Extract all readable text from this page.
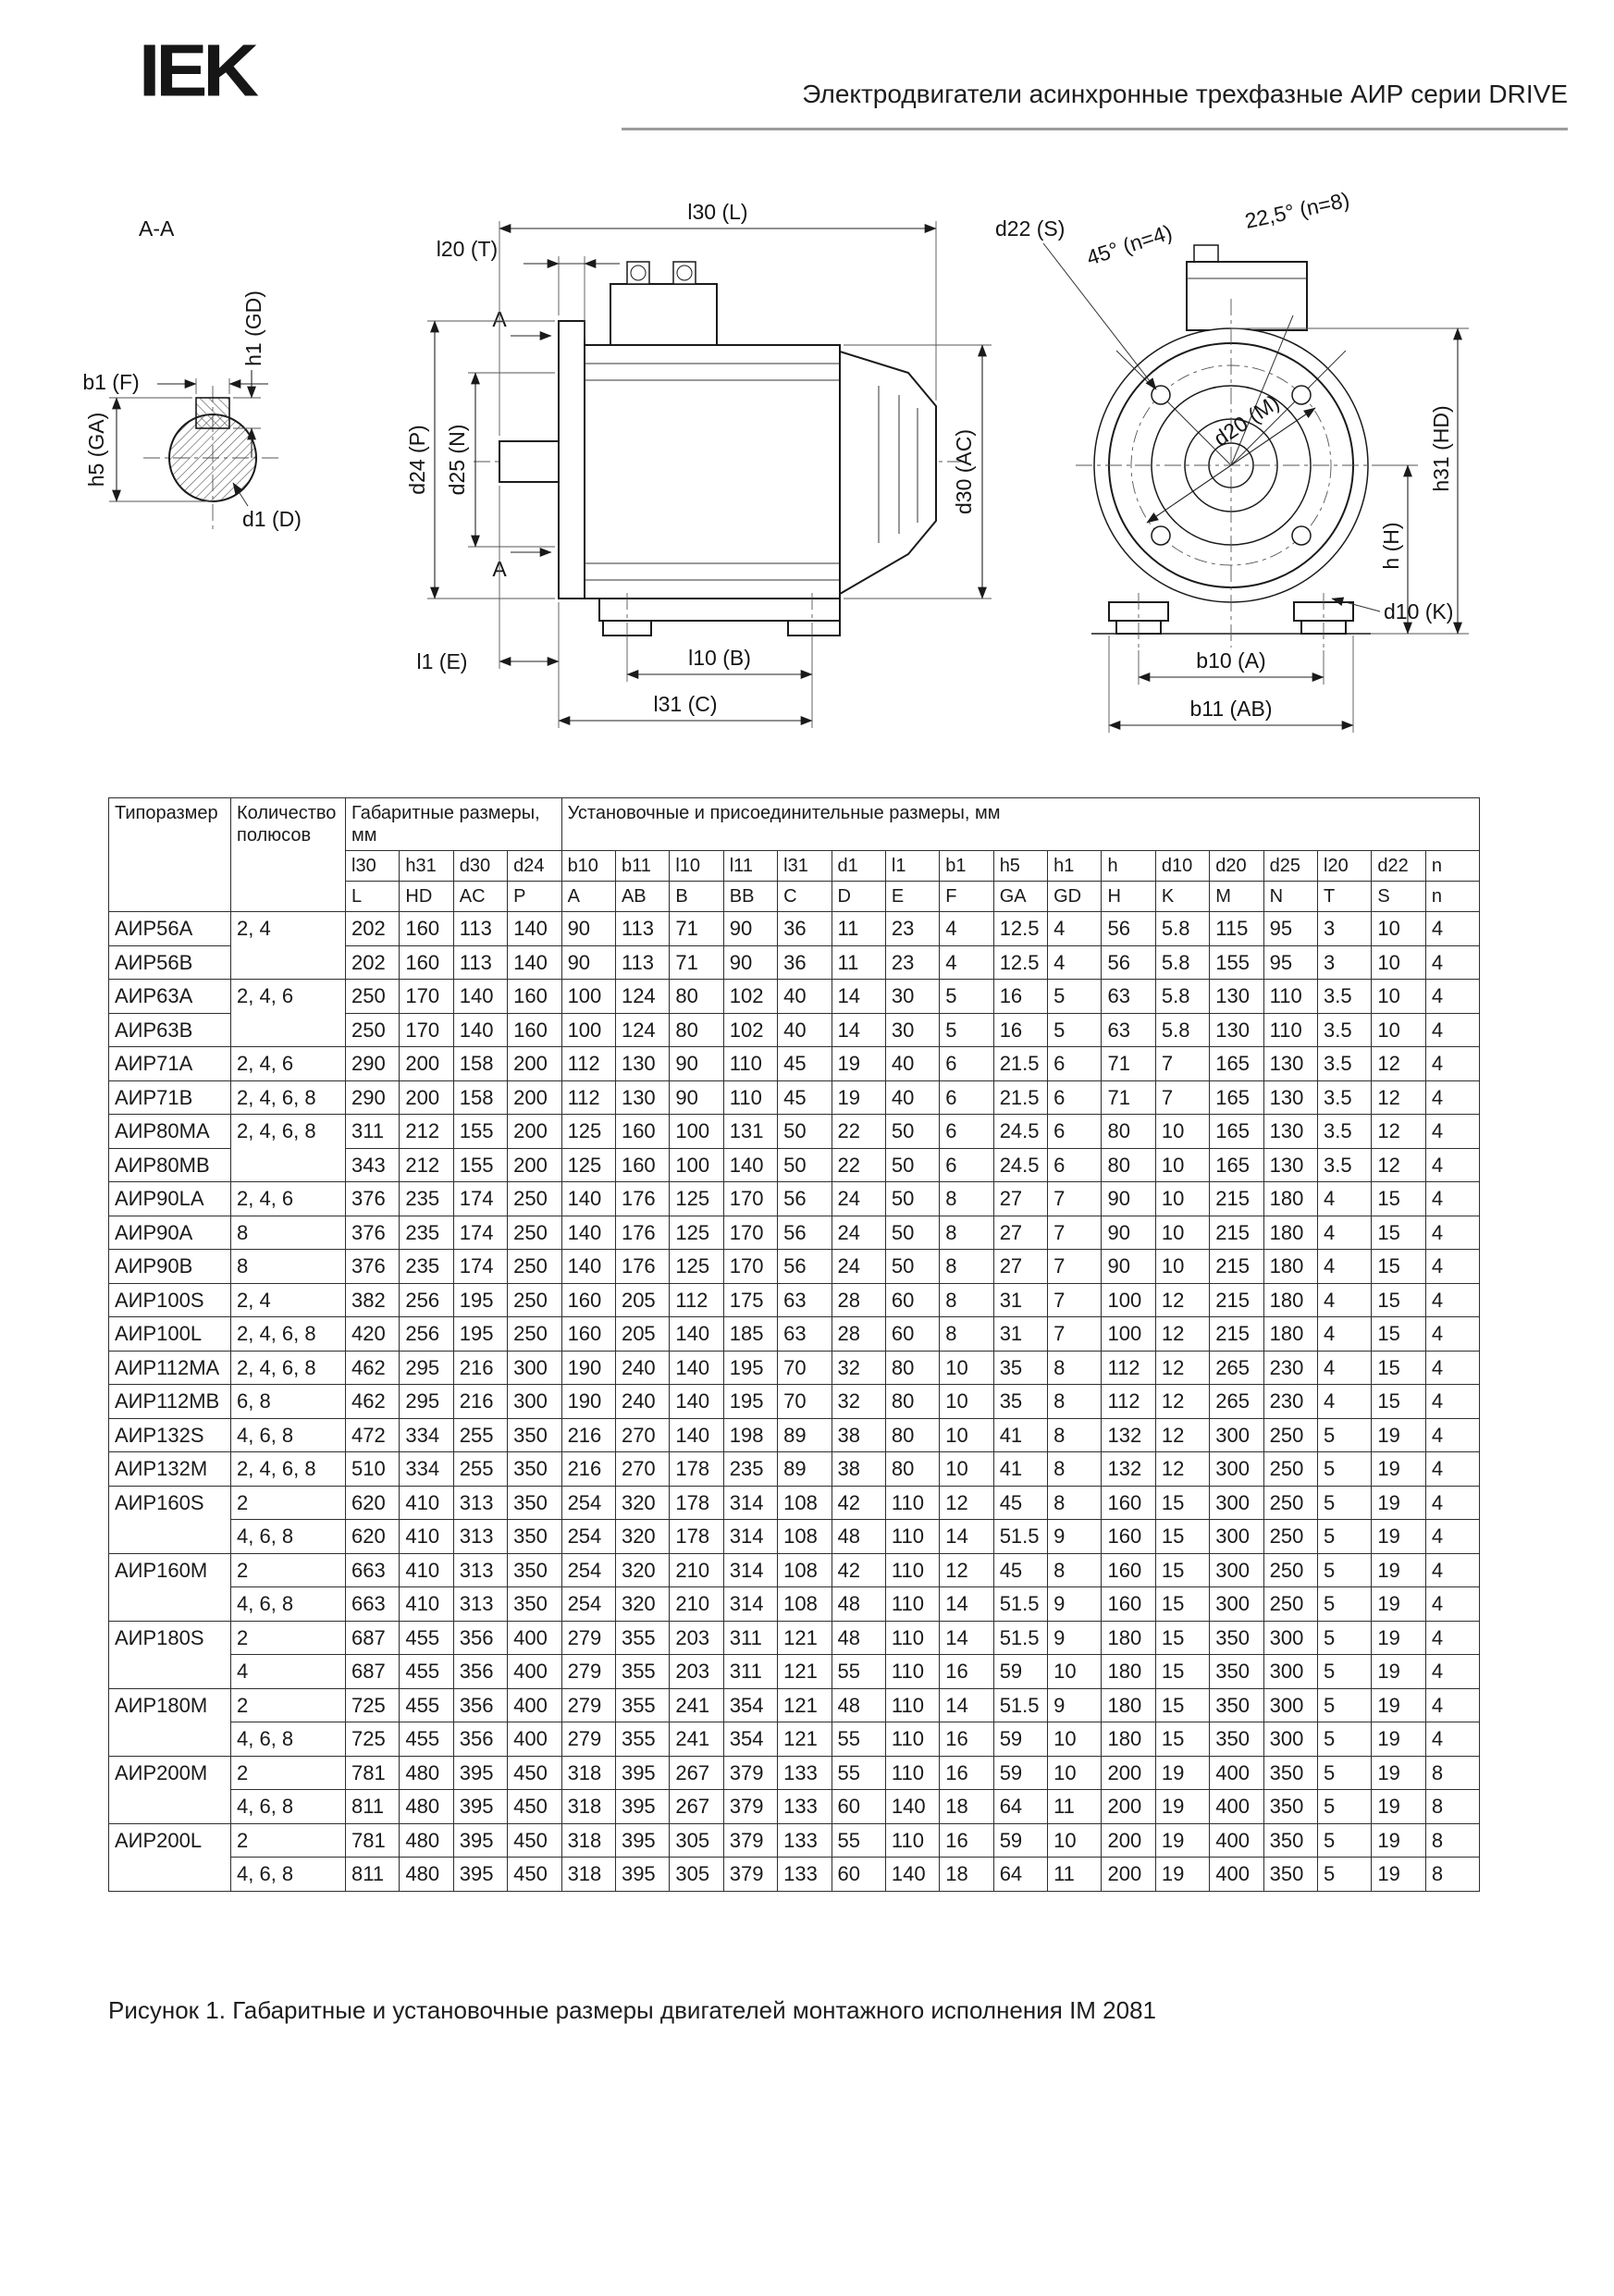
IEK	Электродвигатели асинхронные трехфазные АИР серии DRIVE
A-A
b1 (F)
h1 (GD)
h5 (GA)
d1 (D)
A
A
l30 (L)
l20 (T)
d24 (P) d25 (N)	d30 (AC)
l1 (E)	l10 (B)
l31 (C)
d22 (S) 45° (n=4)
22,5° (n=8)
d20 (M)	h31 (HD)
h (H)
d10 (K)
b10 (A)
b11 (AB)
Типоразмер	Количество полюсов	Габаритные размеры, мм				Установочные и присоединительные размеры, мм																
		l30	h31	d30	d24	b10	b11	l10	l11	l31	d1	l1	b1	h5	h1	h	d10	d20	d25	l20	d22	n
		L	HD	AC	P	A	AB	B	BB	C	D	E	F	GA	GD	H	K	M	N	T	S	n
АИР56А	2, 4	202	160	113	140	90	113	71	90	36	11	23	4	12.5	4	56	5.8	115	95	3	10	4
АИР56В		202	160	113	140	90	113	71	90	36	11	23	4	12.5	4	56	5.8	155	95	3	10	4
АИР63А	2, 4, 6	250	170	140	160	100	124	80	102	40	14	30	5	16	5	63	5.8	130	110	3.5	10	4
АИР63В		250	170	140	160	100	124	80	102	40	14	30	5	16	5	63	5.8	130	110	3.5	10	4
АИР71А	2, 4, 6	290	200	158	200	112	130	90	110	45	19	40	6	21.5	6	71	7	165	130	3.5	12	4
АИР71В	2, 4, 6, 8	290	200	158	200	112	130	90	110	45	19	40	6	21.5	6	71	7	165	130	3.5	12	4
АИР80МА	2, 4, 6, 8	311	212	155	200	125	160	100	131	50	22	50	6	24.5	6	80	10	165	130	3.5	12	4
АИР80МВ		343	212	155	200	125	160	100	140	50	22	50	6	24.5	6	80	10	165	130	3.5	12	4
АИР90LA	2, 4, 6	376	235	174	250	140	176	125	170	56	24	50	8	27	7	90	10	215	180	4	15	4
АИР90А	8	376	235	174	250	140	176	125	170	56	24	50	8	27	7	90	10	215	180	4	15	4
АИР90В	8	376	235	174	250	140	176	125	170	56	24	50	8	27	7	90	10	215	180	4	15	4
АИР100S	2, 4	382	256	195	250	160	205	112	175	63	28	60	8	31	7	100	12	215	180	4	15	4
АИР100L	2, 4, 6, 8	420	256	195	250	160	205	140	185	63	28	60	8	31	7	100	12	215	180	4	15	4
АИР112МА	2, 4, 6, 8	462	295	216	300	190	240	140	195	70	32	80	10	35	8	112	12	265	230	4	15	4
АИР112МВ	6, 8	462	295	216	300	190	240	140	195	70	32	80	10	35	8	112	12	265	230	4	15	4
АИР132S	4, 6, 8	472	334	255	350	216	270	140	198	89	38	80	10	41	8	132	12	300	250	5	19	4
АИР132М	2, 4, 6, 8	510	334	255	350	216	270	178	235	89	38	80	10	41	8	132	12	300	250	5	19	4
АИР160S	2	620	410	313	350	254	320	178	314	108	42	110	12	45	8	160	15	300	250	5	19	4
	4, 6, 8	620	410	313	350	254	320	178	314	108	48	110	14	51.5	9	160	15	300	250	5	19	4
АИР160М	2	663	410	313	350	254	320	210	314	108	42	110	12	45	8	160	15	300	250	5	19	4
	4, 6, 8	663	410	313	350	254	320	210	314	108	48	110	14	51.5	9	160	15	300	250	5	19	4
АИР180S	2	687	455	356	400	279	355	203	311	121	48	110	14	51.5	9	180	15	350	300	5	19	4
	4	687	455	356	400	279	355	203	311	121	55	110	16	59	10	180	15	350	300	5	19	4
АИР180М	2	725	455	356	400	279	355	241	354	121	48	110	14	51.5	9	180	15	350	300	5	19	4
	4, 6, 8	725	455	356	400	279	355	241	354	121	55	110	16	59	10	180	15	350	300	5	19	4
АИР200М	2	781	480	395	450	318	395	267	379	133	55	110	16	59	10	200	19	400	350	5	19	8
	4, 6, 8	811	480	395	450	318	395	267	379	133	60	140	18	64	11	200	19	400	350	5	19	8
АИР200L	2	781	480	395	450	318	395	305	379	133	55	110	16	59	10	200	19	400	350	5	19	8
	4, 6, 8	811	480	395	450	318	395	305	379	133	60	140	18	64	11	200	19	400	350	5	19	8
Рисунок 1. Габаритные и установочные размеры двигателей монтажного исполнения IM 2081
